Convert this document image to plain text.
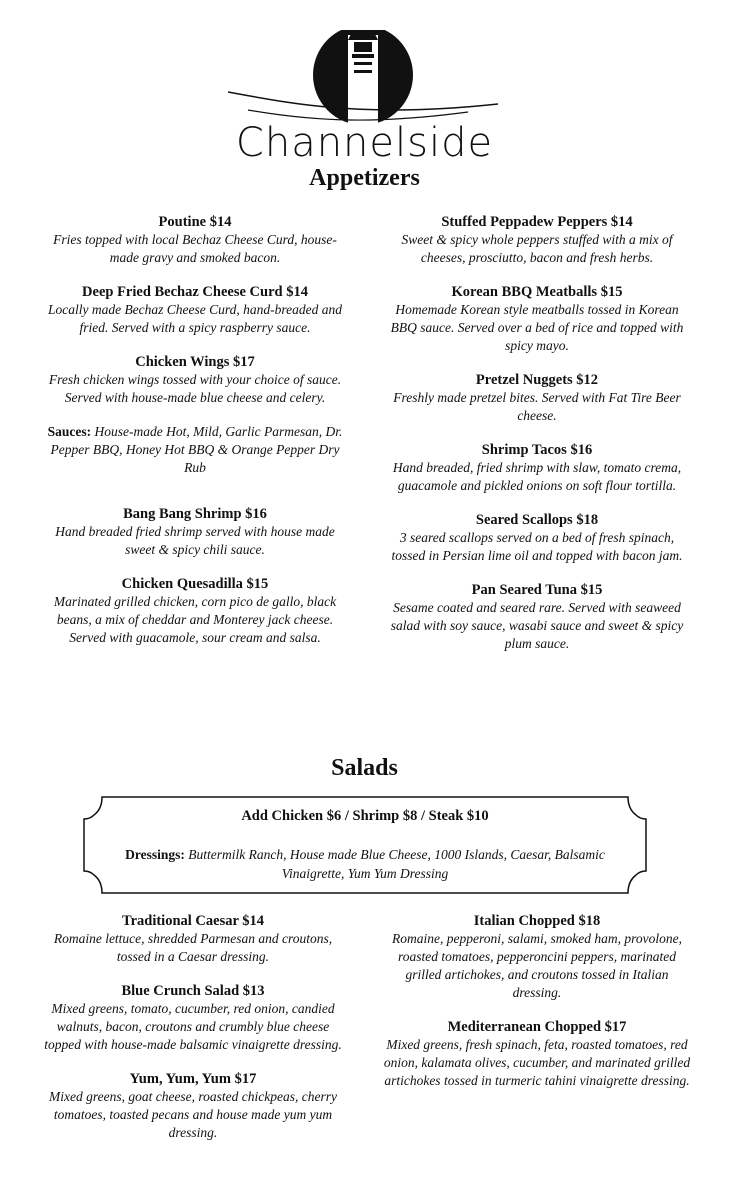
Channelside
Appetizers
Poutine $14
Fries topped with local Bechaz Cheese Curd, house-made gravy and smoked bacon.
Deep Fried Bechaz Cheese Curd $14
Locally made Bechaz Cheese Curd, hand-breaded and fried. Served with a spicy raspberry sauce.
Chicken Wings $17
Fresh chicken wings tossed with your choice of sauce. Served with house-made blue cheese and celery.
Sauces: House-made Hot, Mild, Garlic Parmesan, Dr. Pepper BBQ, Honey Hot BBQ & Orange Pepper Dry Rub
Bang Bang Shrimp $16
Hand breaded fried shrimp served with house made sweet & spicy chili sauce.
Chicken Quesadilla $15
Marinated grilled chicken, corn pico de gallo, black beans, a mix of cheddar and Monterey jack cheese. Served with guacamole, sour cream and salsa.
Stuffed Peppadew Peppers $14
Sweet & spicy whole peppers stuffed with a mix of cheeses, prosciutto, bacon and fresh herbs.
Korean BBQ Meatballs $15
Homemade Korean style meatballs tossed in Korean BBQ sauce. Served over a bed of rice and topped with spicy mayo.
Pretzel Nuggets $12
Freshly made pretzel bites. Served with Fat Tire Beer cheese.
Shrimp Tacos $16
Hand breaded, fried shrimp with slaw, tomato crema, guacamole and pickled onions on soft flour tortilla.
Seared Scallops $18
3 seared scallops served on a bed of fresh spinach, tossed in Persian lime oil and topped with bacon jam.
Pan Seared Tuna $15
Sesame coated and seared rare. Served with seaweed salad with soy sauce, wasabi sauce and sweet & spicy plum sauce.
Salads
Add Chicken $6 / Shrimp $8 / Steak $10
Dressings: Buttermilk Ranch, House made Blue Cheese, 1000 Islands, Caesar, Balsamic Vinaigrette, Yum Yum Dressing
Traditional Caesar $14
Romaine lettuce, shredded Parmesan and croutons, tossed in a Caesar dressing.
Blue Crunch Salad $13
Mixed greens, tomato, cucumber, red onion, candied walnuts, bacon, croutons and crumbly blue cheese topped with house-made balsamic vinaigrette dressing.
Yum, Yum, Yum $17
Mixed greens, goat cheese, roasted chickpeas, cherry tomatoes, toasted pecans and house made yum yum dressing.
Italian Chopped $18
Romaine, pepperoni, salami, smoked ham, provolone, roasted tomatoes, pepperoncini peppers, marinated grilled artichokes, and croutons tossed in Italian dressing.
Mediterranean Chopped $17
Mixed greens, fresh spinach, feta, roasted tomatoes, red onion, kalamata olives, cucumber, and marinated grilled artichokes tossed in turmeric tahini vinaigrette dressing.
